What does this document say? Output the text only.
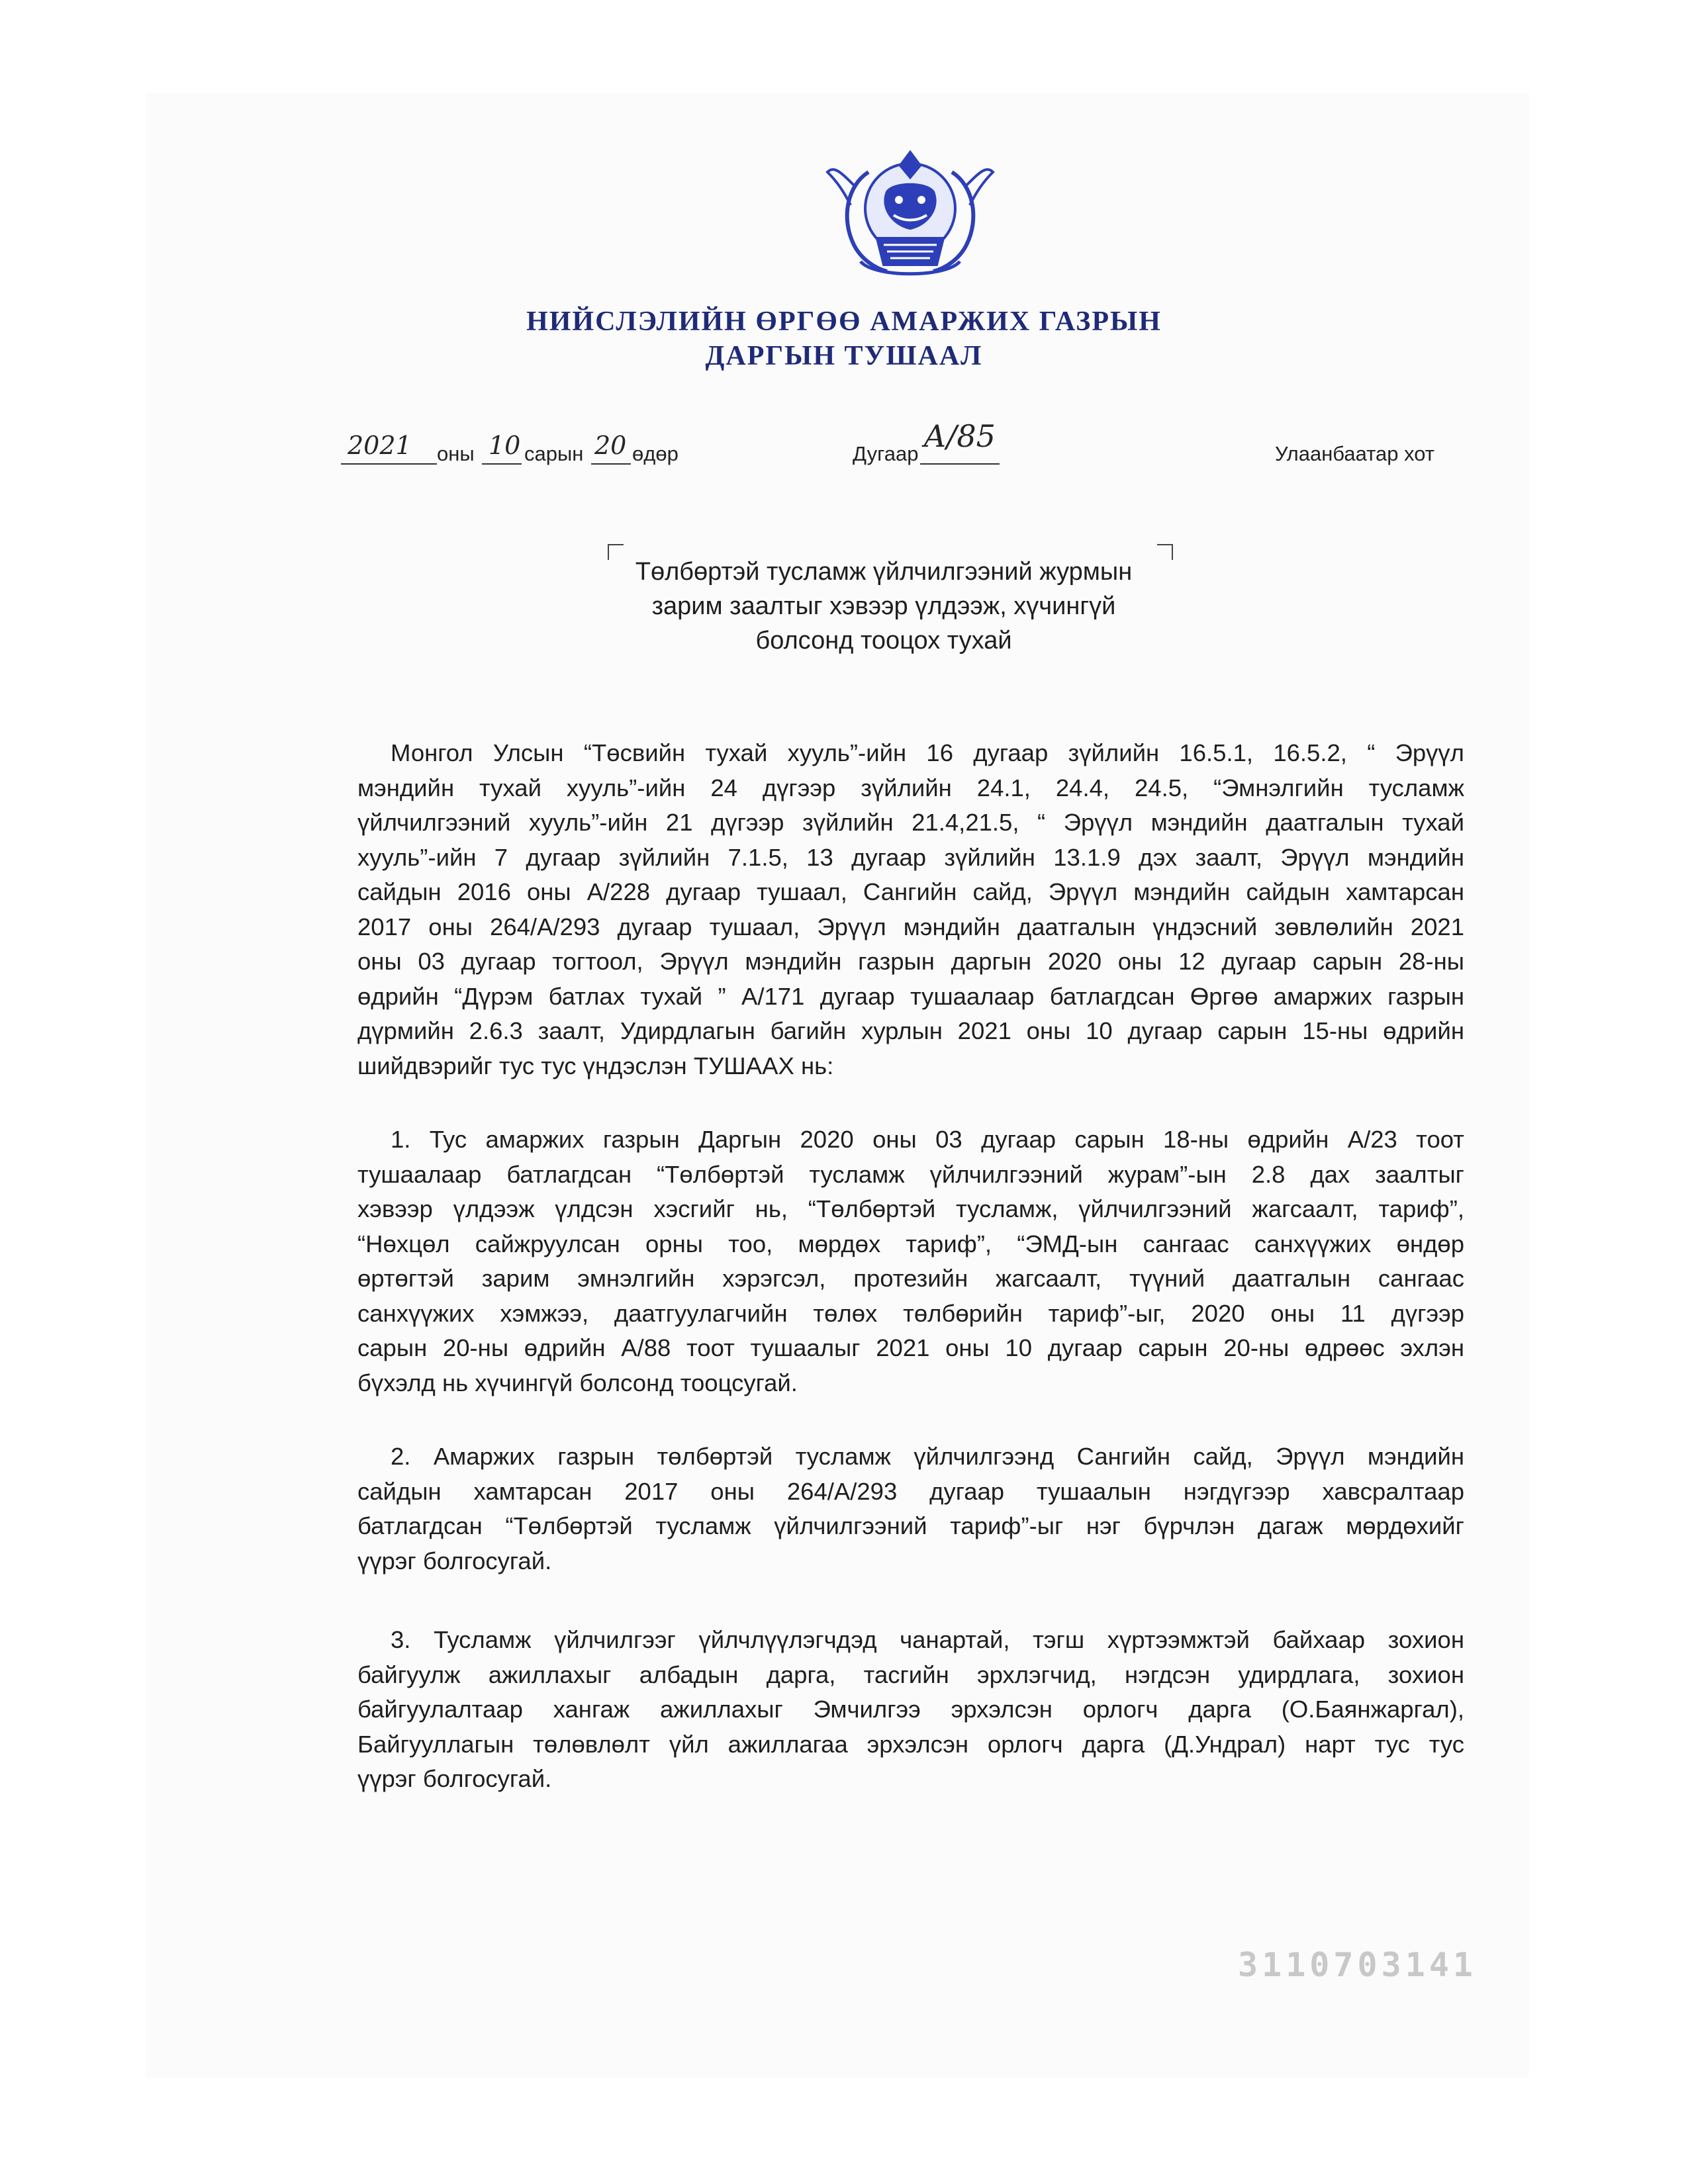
НИЙСЛЭЛИЙН ӨРГӨӨ АМАРЖИХ ГАЗРЫН
ДАРГЫН ТУШААЛ
2021 оны 10 сарын 20 өдөр	Дугаар А/85	Улаанбаатар хот
Төлбөртэй тусламж үйлчилгээний журмын
зарим заалтыг хэвээр үлдээж, хүчингүй
болсонд тооцох тухай
Монгол Улсын “Төсвийн тухай хууль”-ийн 16 дугаар зүйлийн 16.5.1, 16.5.2, “ Эрүүл
мэндийн тухай хууль”-ийн 24 дүгээр зүйлийн 24.1, 24.4, 24.5, “Эмнэлгийн тусламж
үйлчилгээний хууль”-ийн 21 дүгээр зүйлийн 21.4,21.5, “ Эрүүл мэндийн даатгалын тухай
хууль”-ийн 7 дугаар зүйлийн 7.1.5, 13 дугаар зүйлийн 13.1.9 дэх заалт, Эрүүл мэндийн
сайдын 2016 оны А/228 дугаар тушаал, Сангийн сайд, Эрүүл мэндийн сайдын хамтарсан
2017 оны 264/А/293 дугаар тушаал, Эрүүл мэндийн даатгалын үндэсний зөвлөлийн 2021
оны 03 дугаар тогтоол, Эрүүл мэндийн газрын даргын 2020 оны 12 дугаар сарын 28-ны
өдрийн “Дүрэм батлах тухай ” А/171 дугаар тушаалаар батлагдсан Өргөө амаржих газрын
дүрмийн 2.6.3 заалт, Удирдлагын багийн хурлын 2021 оны 10 дугаар сарын 15-ны өдрийн
шийдвэрийг тус тус үндэслэн ТУШААХ нь:
1. Тус амаржих газрын Даргын 2020 оны 03 дугаар сарын 18-ны өдрийн А/23 тоот
тушаалаар батлагдсан “Төлбөртэй тусламж үйлчилгээний журам”-ын 2.8 дах заалтыг
хэвээр үлдээж үлдсэн хэсгийг нь, “Төлбөртэй тусламж, үйлчилгээний жагсаалт, тариф”,
“Нөхцөл сайжруулсан орны тоо, мөрдөх тариф”, “ЭМД-ын сангаас санхүүжих өндөр
өртөгтэй зарим эмнэлгийн хэрэгсэл, протезийн жагсаалт, түүний даатгалын сангаас
санхүүжих хэмжээ, даатгуулагчийн төлөх төлбөрийн тариф”-ыг, 2020 оны 11 дүгээр
сарын 20-ны өдрийн А/88 тоот тушаалыг 2021 оны 10 дугаар сарын 20-ны өдрөөс эхлэн
бүхэлд нь хүчингүй болсонд тооцсугай.
2. Амаржих газрын төлбөртэй тусламж үйлчилгээнд Сангийн сайд, Эрүүл мэндийн
сайдын хамтарсан 2017 оны 264/А/293 дугаар тушаалын нэгдүгээр хавсралтаар
батлагдсан “Төлбөртэй тусламж үйлчилгээний тариф”-ыг нэг бүрчлэн дагаж мөрдөхийг
үүрэг болгосугай.
3. Тусламж үйлчилгээг үйлчлүүлэгчдэд чанартай, тэгш хүртээмжтэй байхаар зохион
байгуулж ажиллахыг албадын дарга, тасгийн эрхлэгчид, нэгдсэн удирдлага, зохион
байгуулалтаар хангаж ажиллахыг Эмчилгээ эрхэлсэн орлогч дарга (О.Баянжаргал),
Байгууллагын төлөвлөлт үйл ажиллагаа эрхэлсэн орлогч дарга (Д.Ундрал) нарт тус тус
үүрэг болгосугай.
3110703141
